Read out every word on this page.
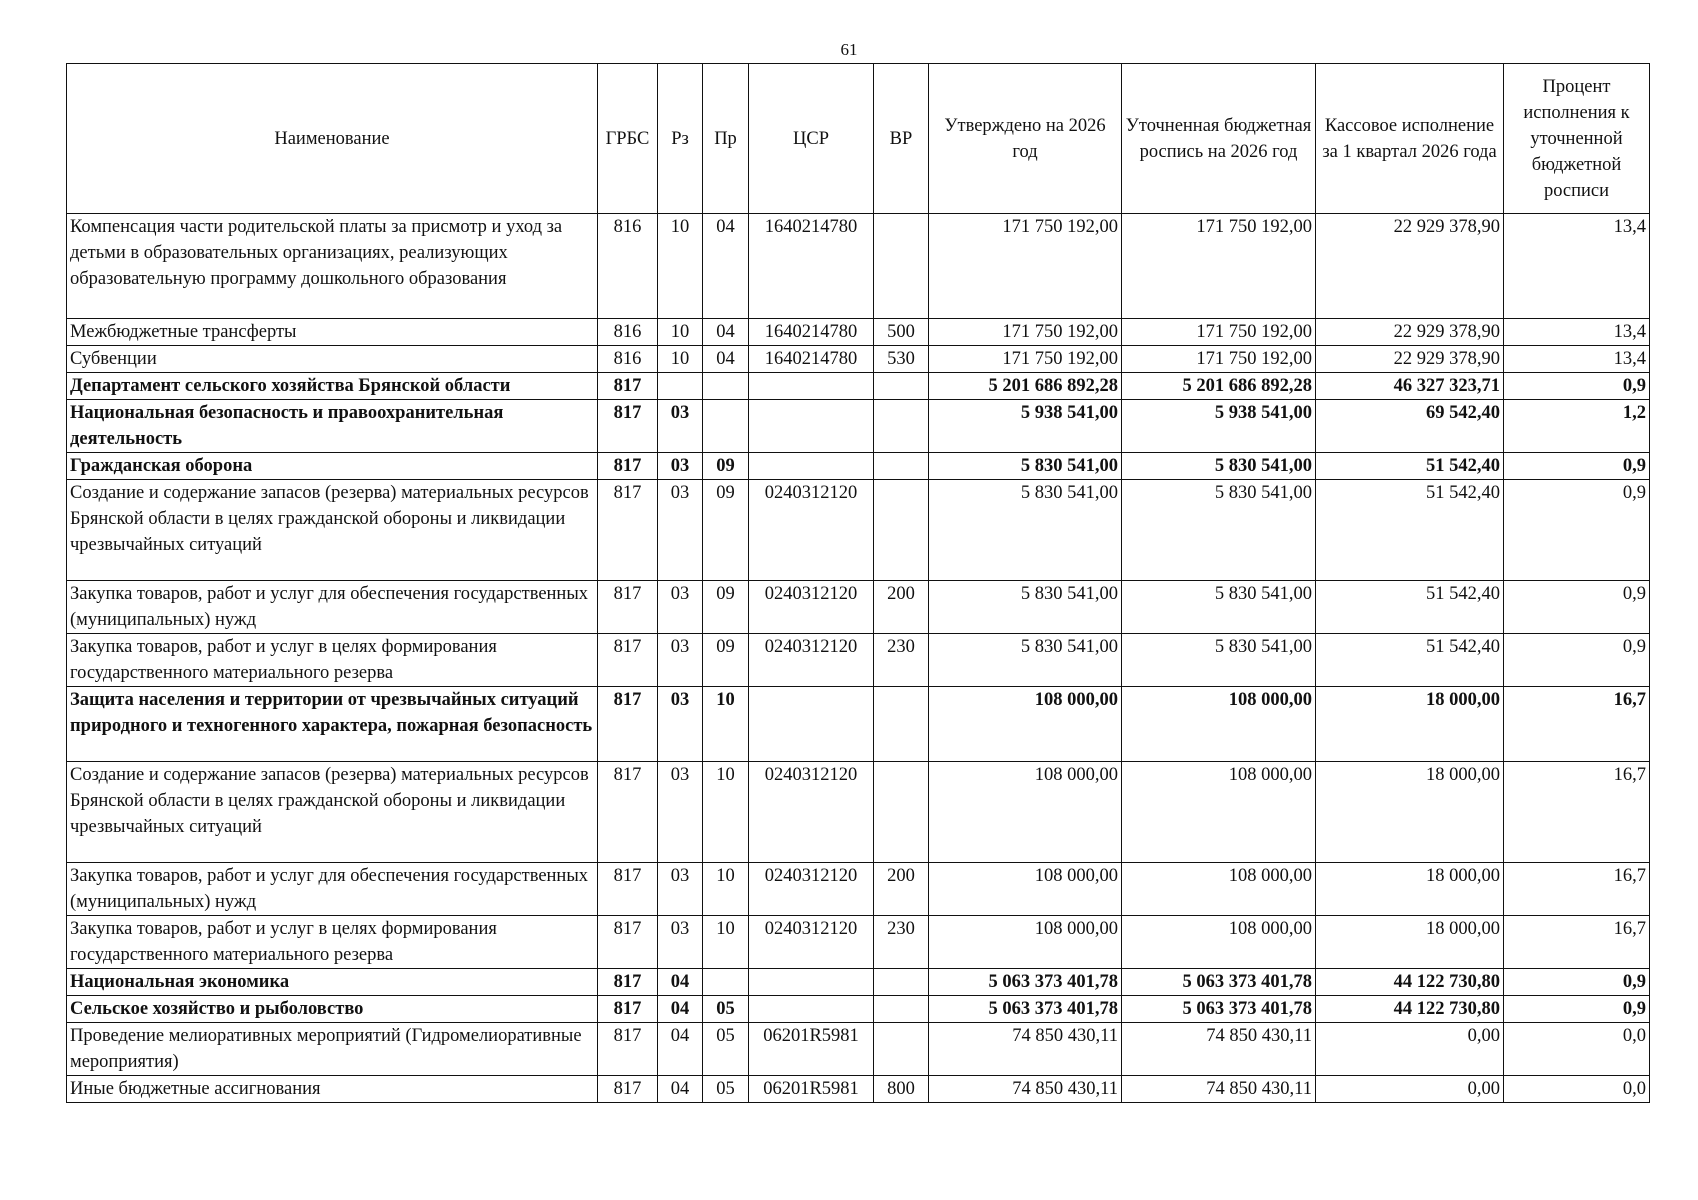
61
Наименование	ГРБС	Рз	Пр	ЦСР	ВР	Утверждено на 2026 год	Уточненная бюджетная роспись на 2026 год	Кассовое исполнение за 1 квартал 2026 года	Процент исполнения к уточненной бюджетной росписи
Компенсация части родительской платы за присмотр и уход за детьми в образовательных организациях, реализующих образовательную программу дошкольного образования	816	10	04	1640214780		171 750 192,00	171 750 192,00	22 929 378,90	13,4
Межбюджетные трансферты	816	10	04	1640214780	500	171 750 192,00	171 750 192,00	22 929 378,90	13,4
Субвенции	816	10	04	1640214780	530	171 750 192,00	171 750 192,00	22 929 378,90	13,4
Департамент сельского хозяйства Брянской области	817					5 201 686 892,28	5 201 686 892,28	46 327 323,71	0,9
Национальная безопасность и правоохранительная деятельность	817	03				5 938 541,00	5 938 541,00	69 542,40	1,2
Гражданская оборона	817	03	09			5 830 541,00	5 830 541,00	51 542,40	0,9
Создание и содержание запасов (резерва) материальных ресурсов Брянской области в целях гражданской обороны и ликвидации чрезвычайных ситуаций	817	03	09	0240312120		5 830 541,00	5 830 541,00	51 542,40	0,9
Закупка товаров, работ и услуг для обеспечения государственных (муниципальных) нужд	817	03	09	0240312120	200	5 830 541,00	5 830 541,00	51 542,40	0,9
Закупка товаров, работ и услуг в целях формирования государственного материального резерва	817	03	09	0240312120	230	5 830 541,00	5 830 541,00	51 542,40	0,9
Защита населения и территории от чрезвычайных ситуаций природного и техногенного характера, пожарная безопасность	817	03	10			108 000,00	108 000,00	18 000,00	16,7
Создание и содержание запасов (резерва) материальных ресурсов Брянской области в целях гражданской обороны и ликвидации чрезвычайных ситуаций	817	03	10	0240312120		108 000,00	108 000,00	18 000,00	16,7
Закупка товаров, работ и услуг для обеспечения государственных (муниципальных) нужд	817	03	10	0240312120	200	108 000,00	108 000,00	18 000,00	16,7
Закупка товаров, работ и услуг в целях формирования государственного материального резерва	817	03	10	0240312120	230	108 000,00	108 000,00	18 000,00	16,7
Национальная экономика	817	04				5 063 373 401,78	5 063 373 401,78	44 122 730,80	0,9
Сельское хозяйство и рыболовство	817	04	05			5 063 373 401,78	5 063 373 401,78	44 122 730,80	0,9
Проведение мелиоративных мероприятий (Гидромелиоративные мероприятия)	817	04	05	06201R5981		74 850 430,11	74 850 430,11	0,00	0,0
Иные бюджетные ассигнования	817	04	05	06201R5981	800	74 850 430,11	74 850 430,11	0,00	0,0
